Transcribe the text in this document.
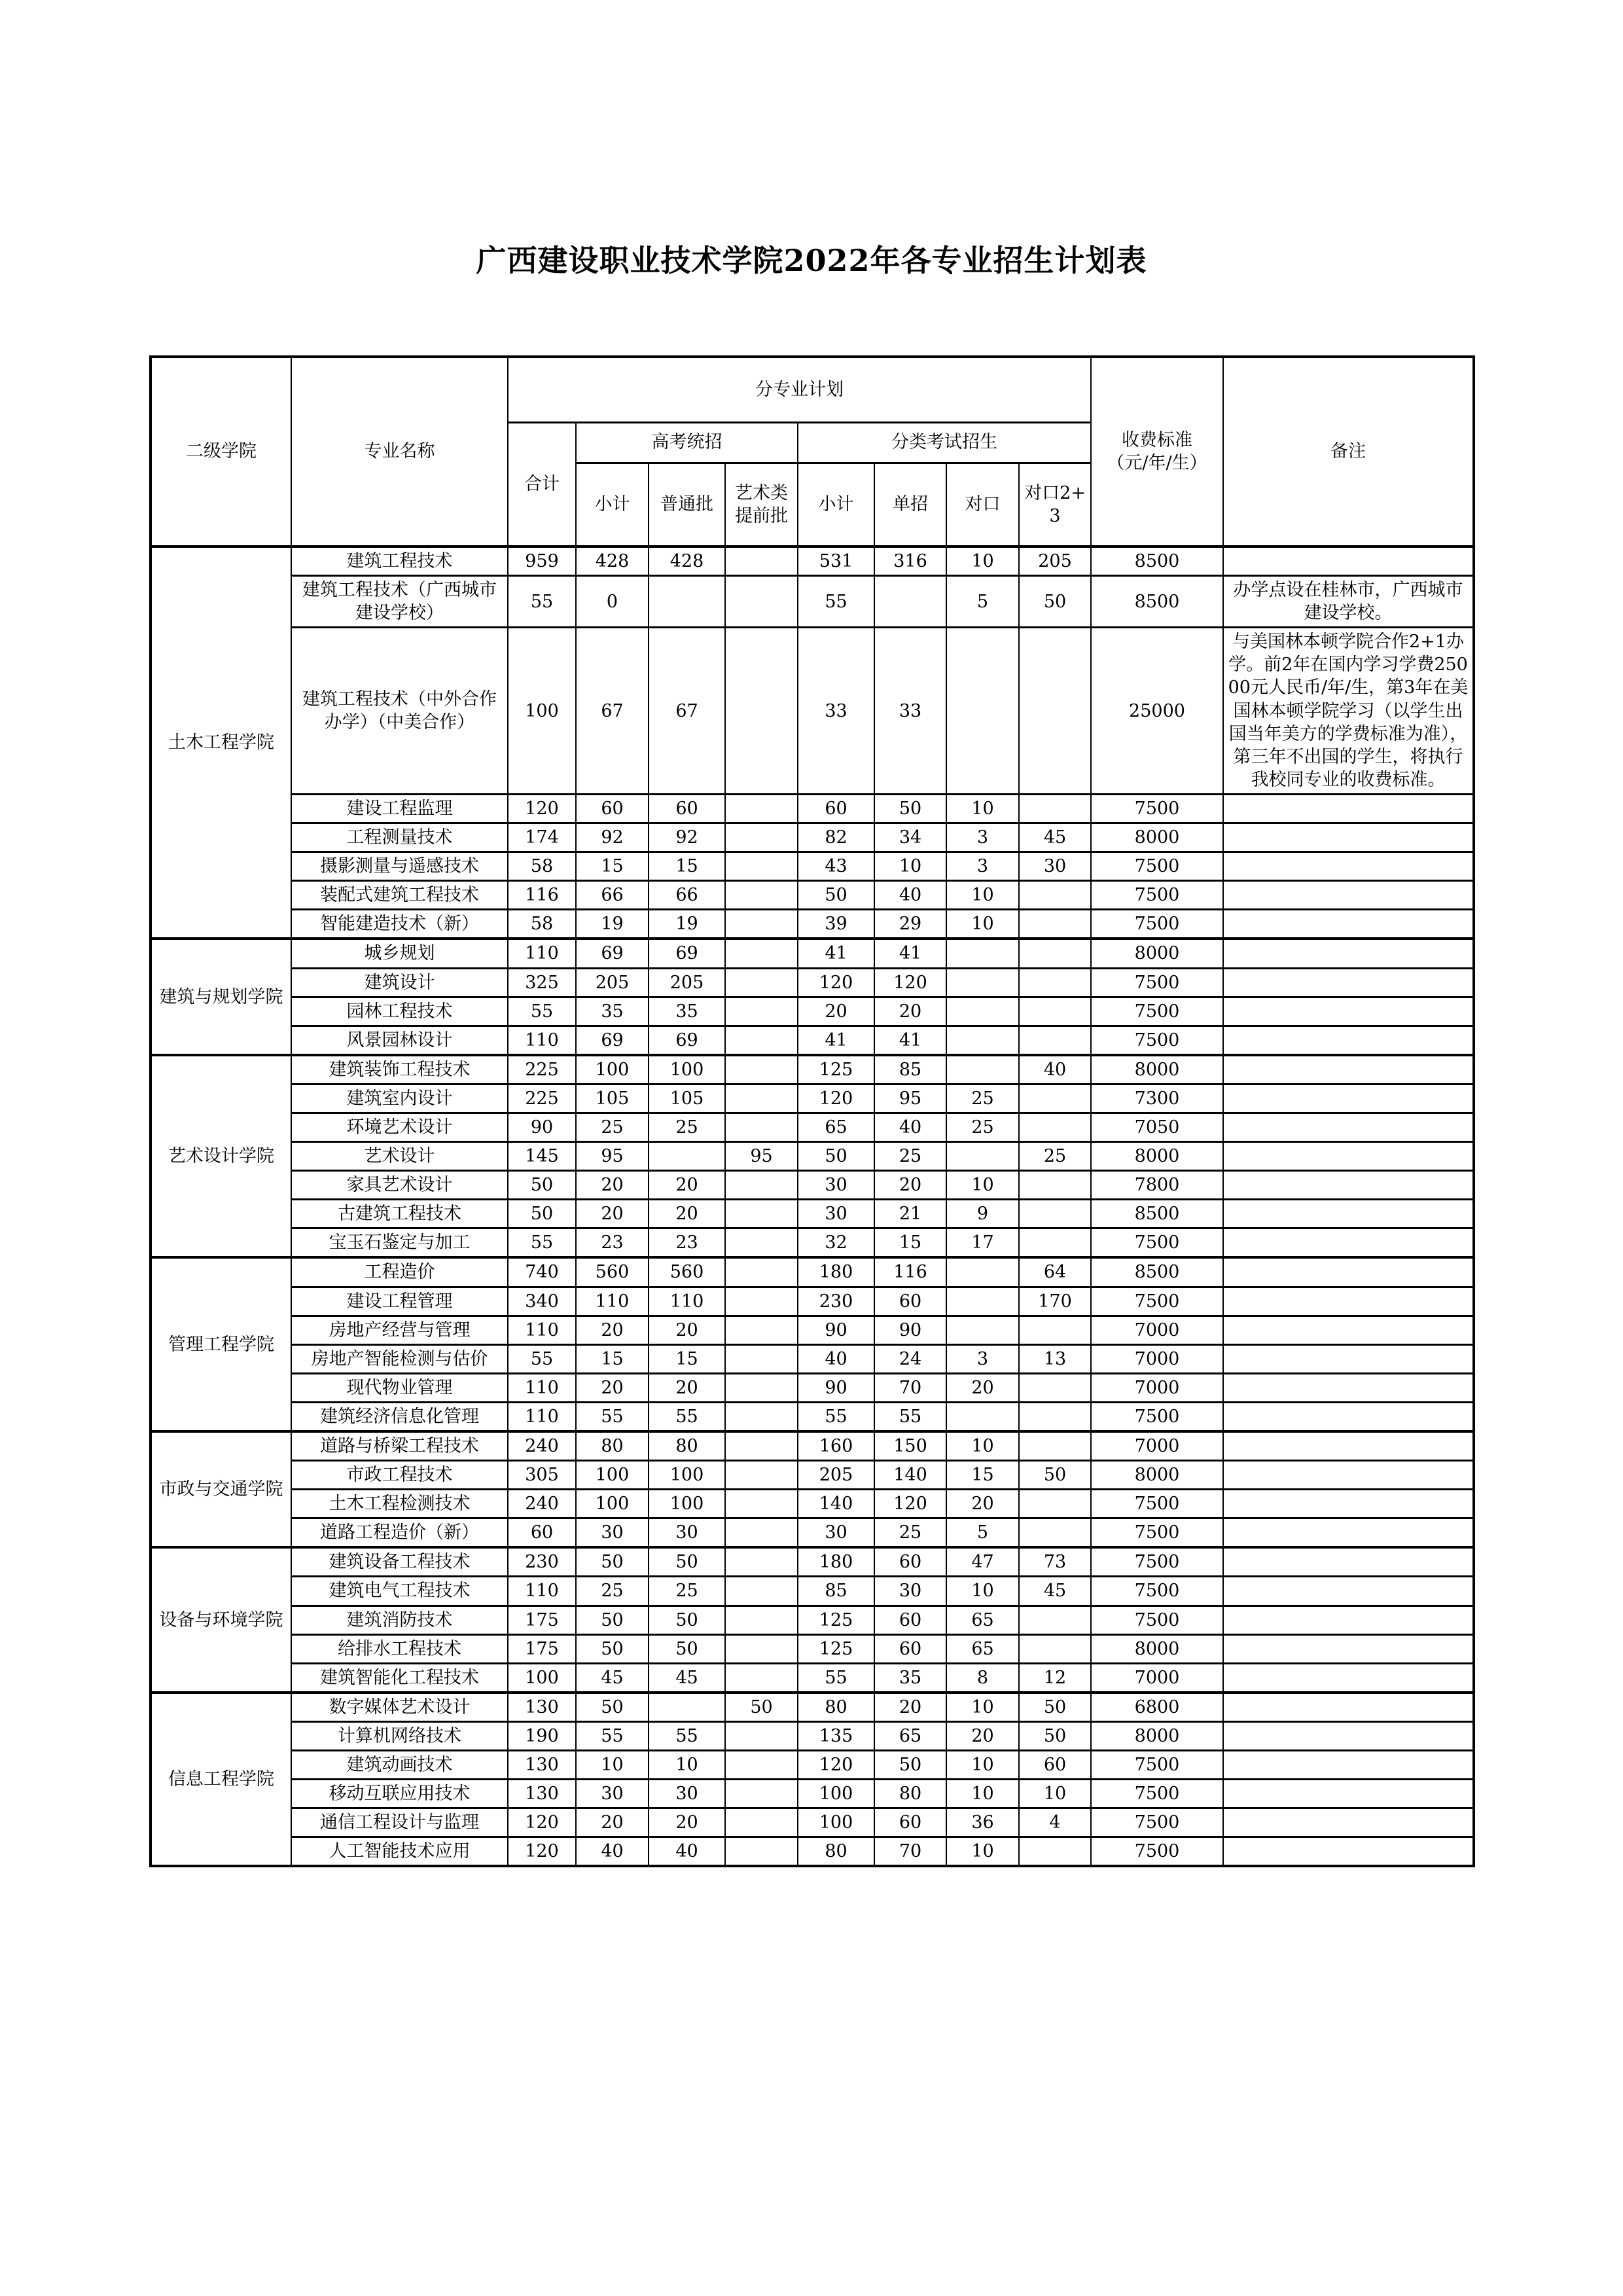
广西建设职业技术学院2022年各专业招生计划表
二级学院	专业名称	分专业计划								收费标准
（元/年/生）	备注
		合计	高考统招			分类考试招生					
			小计	普通批	艺术类提前批	小计	单招	对口	对口2+3		
土木工程学院	建筑工程技术	959	428	428		531	316	10	205	8500	
	建筑工程技术（广西城市建设学校）	55	0			55		5	50	8500	办学点设在桂林市，广西城市建设学校。
	建筑工程技术（中外合作办学）（中美合作）	100	67	67		33	33			25000	与美国林本顿学院合作2+1办学。前2年在国内学习学费25000元人民币/年/生，第3年在美国林本顿学院学习（以学生出国当年美方的学费标准为准），第三年不出国的学生，将执行我校同专业的收费标准。
	建设工程监理	120	60	60		60	50	10		7500	
	工程测量技术	174	92	92		82	34	3	45	8000	
	摄影测量与遥感技术	58	15	15		43	10	3	30	7500	
	装配式建筑工程技术	116	66	66		50	40	10		7500	
	智能建造技术（新）	58	19	19		39	29	10		7500	
建筑与规划学院	城乡规划	110	69	69		41	41			8000	
	建筑设计	325	205	205		120	120			7500	
	园林工程技术	55	35	35		20	20			7500	
	风景园林设计	110	69	69		41	41			7500	
艺术设计学院	建筑装饰工程技术	225	100	100		125	85		40	8000	
	建筑室内设计	225	105	105		120	95	25		7300	
	环境艺术设计	90	25	25		65	40	25		7050	
	艺术设计	145	95		95	50	25		25	8000	
	家具艺术设计	50	20	20		30	20	10		7800	
	古建筑工程技术	50	20	20		30	21	9		8500	
	宝玉石鉴定与加工	55	23	23		32	15	17		7500	
管理工程学院	工程造价	740	560	560		180	116		64	8500	
	建设工程管理	340	110	110		230	60		170	7500	
	房地产经营与管理	110	20	20		90	90			7000	
	房地产智能检测与估价	55	15	15		40	24	3	13	7000	
	现代物业管理	110	20	20		90	70	20		7000	
	建筑经济信息化管理	110	55	55		55	55			7500	
市政与交通学院	道路与桥梁工程技术	240	80	80		160	150	10		7000	
	市政工程技术	305	100	100		205	140	15	50	8000	
	土木工程检测技术	240	100	100		140	120	20		7500	
	道路工程造价（新）	60	30	30		30	25	5		7500	
设备与环境学院	建筑设备工程技术	230	50	50		180	60	47	73	7500	
	建筑电气工程技术	110	25	25		85	30	10	45	7500	
	建筑消防技术	175	50	50		125	60	65		7500	
	给排水工程技术	175	50	50		125	60	65		8000	
	建筑智能化工程技术	100	45	45		55	35	8	12	7000	
信息工程学院	数字媒体艺术设计	130	50		50	80	20	10	50	6800	
	计算机网络技术	190	55	55		135	65	20	50	8000	
	建筑动画技术	130	10	10		120	50	10	60	7500	
	移动互联应用技术	130	30	30		100	80	10	10	7500	
	通信工程设计与监理	120	20	20		100	60	36	4	7500	
	人工智能技术应用	120	40	40		80	70	10		7500	
